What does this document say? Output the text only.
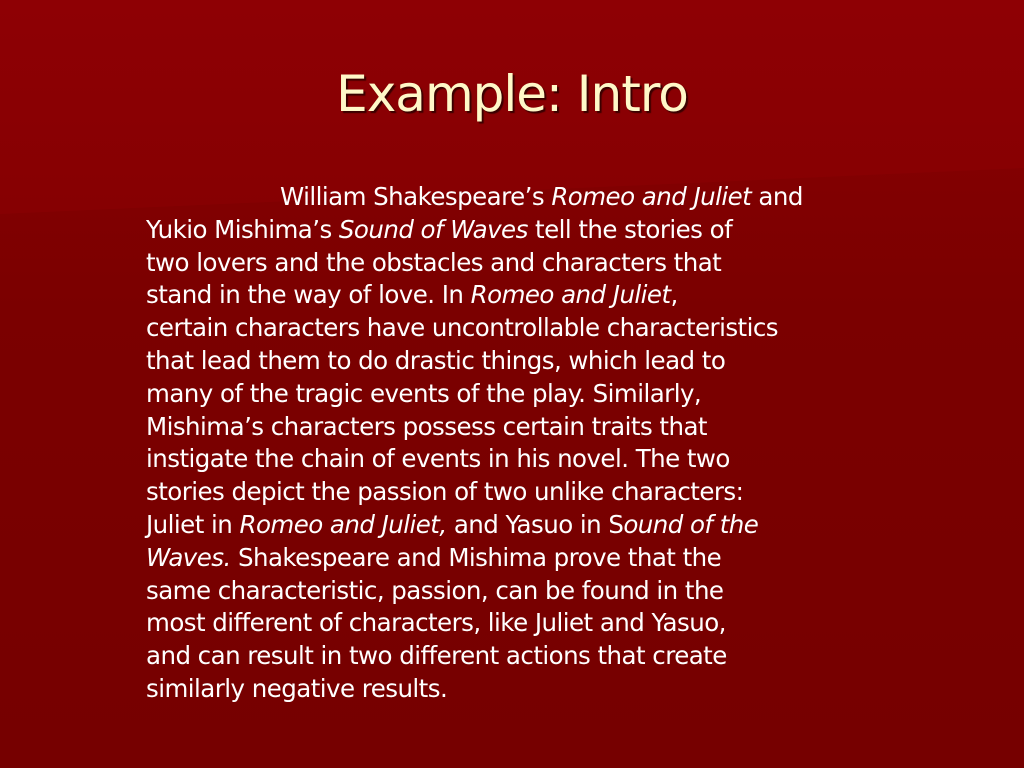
Example: Intro
William Shakespeare’s Romeo and Juliet and
Yukio Mishima’s Sound of Waves tell the stories of
two lovers and the obstacles and characters that
stand in the way of love. In Romeo and Juliet,
certain characters have uncontrollable characteristics
that lead them to do drastic things, which lead to
many of the tragic events of the play. Similarly,
Mishima’s characters possess certain traits that
instigate the chain of events in his novel. The two
stories depict the passion of two unlike characters:
Juliet in Romeo and Juliet, and Yasuo in Sound of the
Waves. Shakespeare and Mishima prove that the
same characteristic, passion, can be found in the
most different of characters, like Juliet and Yasuo,
and can result in two different actions that create
similarly negative results.
